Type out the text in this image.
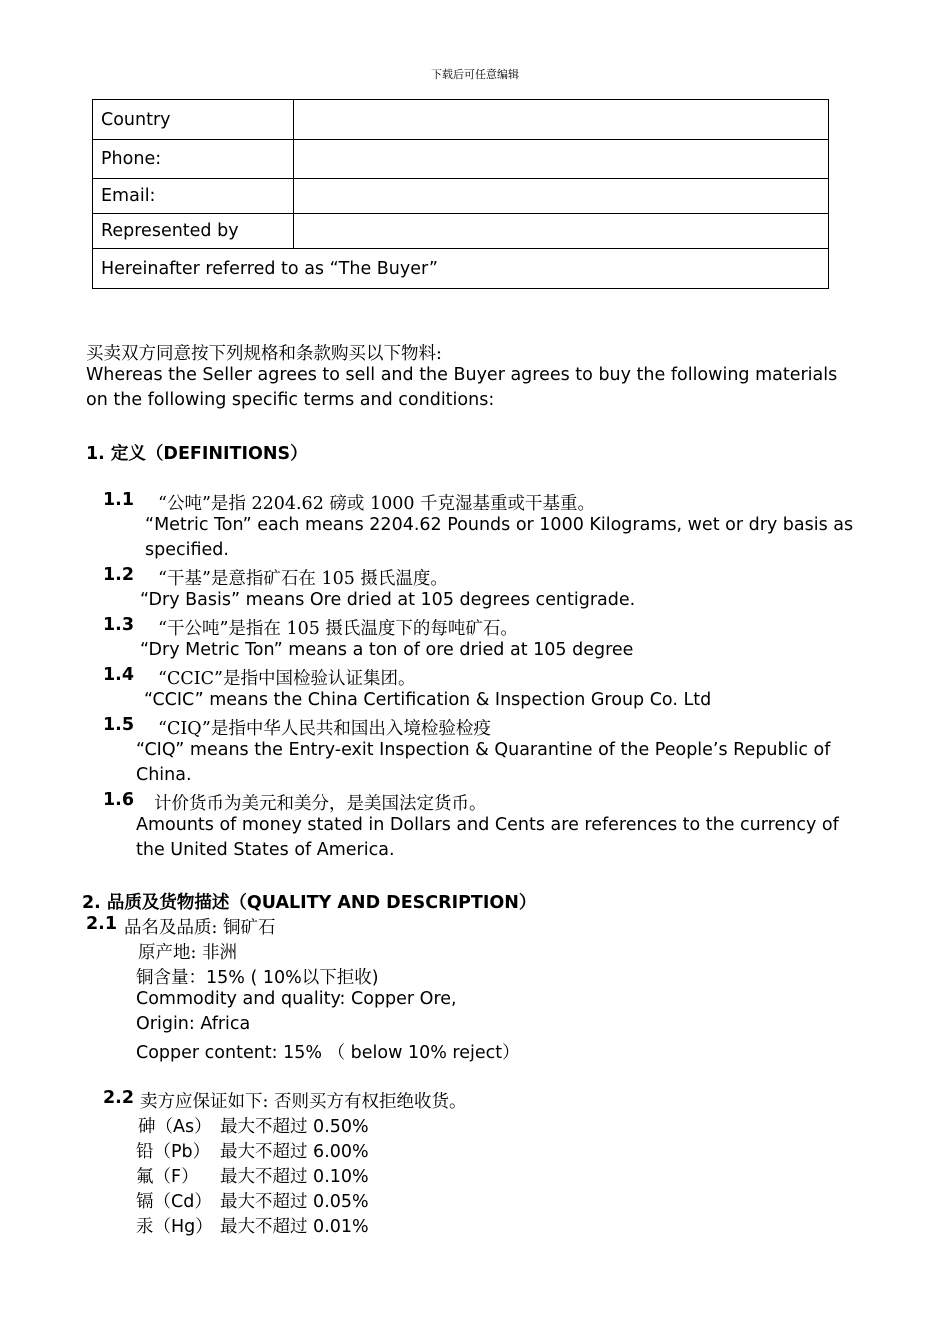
下载后可任意编辑
Country	
Phone:	
Email:	
Represented by	
Hereinafter referred to as “The Buyer”	
买卖双方同意按下列规格和条款购买以下物料:
Whereas the Seller agrees to sell and the Buyer agrees to buy the following materials
on the following specific terms and conditions:
1. 定义（DEFINITIONS）
1.1 “公吨”是指 2204.62 磅或 1000 千克湿基重或干基重。
“Metric Ton” each means 2204.62 Pounds or 1000 Kilograms, wet or dry basis as
specified.
1.2 “干基”是意指矿石在 105 摄氏温度。
“Dry Basis” means Ore dried at 105 degrees centigrade.
1.3 “干公吨”是指在 105 摄氏温度下的每吨矿石。
“Dry Metric Ton” means a ton of ore dried at 105 degree
1.4 “CCIC”是指中国检验认证集团。
“CCIC” means the China Certification & Inspection Group Co. Ltd
1.5 “CIQ”是指中华人民共和国出入境检验检疫
“CIQ” means the Entry-exit Inspection & Quarantine of the People’s Republic of
China.
1.6 计价货币为美元和美分，是美国法定货币。
Amounts of money stated in Dollars and Cents are references to the currency of
the United States of America.
2. 品质及货物描述（QUALITY AND DESCRIPTION）
2.1 品名及品质: 铜矿石
原产地: 非洲
铜含量：15% ( 10%以下拒收)
Commodity and quality: Copper Ore,
Origin: Africa
Copper content: 15% （ below 10% reject）
2.2 卖方应保证如下: 否则买方有权拒绝收货。
砷（As） 最大不超过 0.50%
铅（Pb） 最大不超过 6.00%
氟（F） 最大不超过 0.10%
镉（Cd） 最大不超过 0.05%
汞（Hg） 最大不超过 0.01%
